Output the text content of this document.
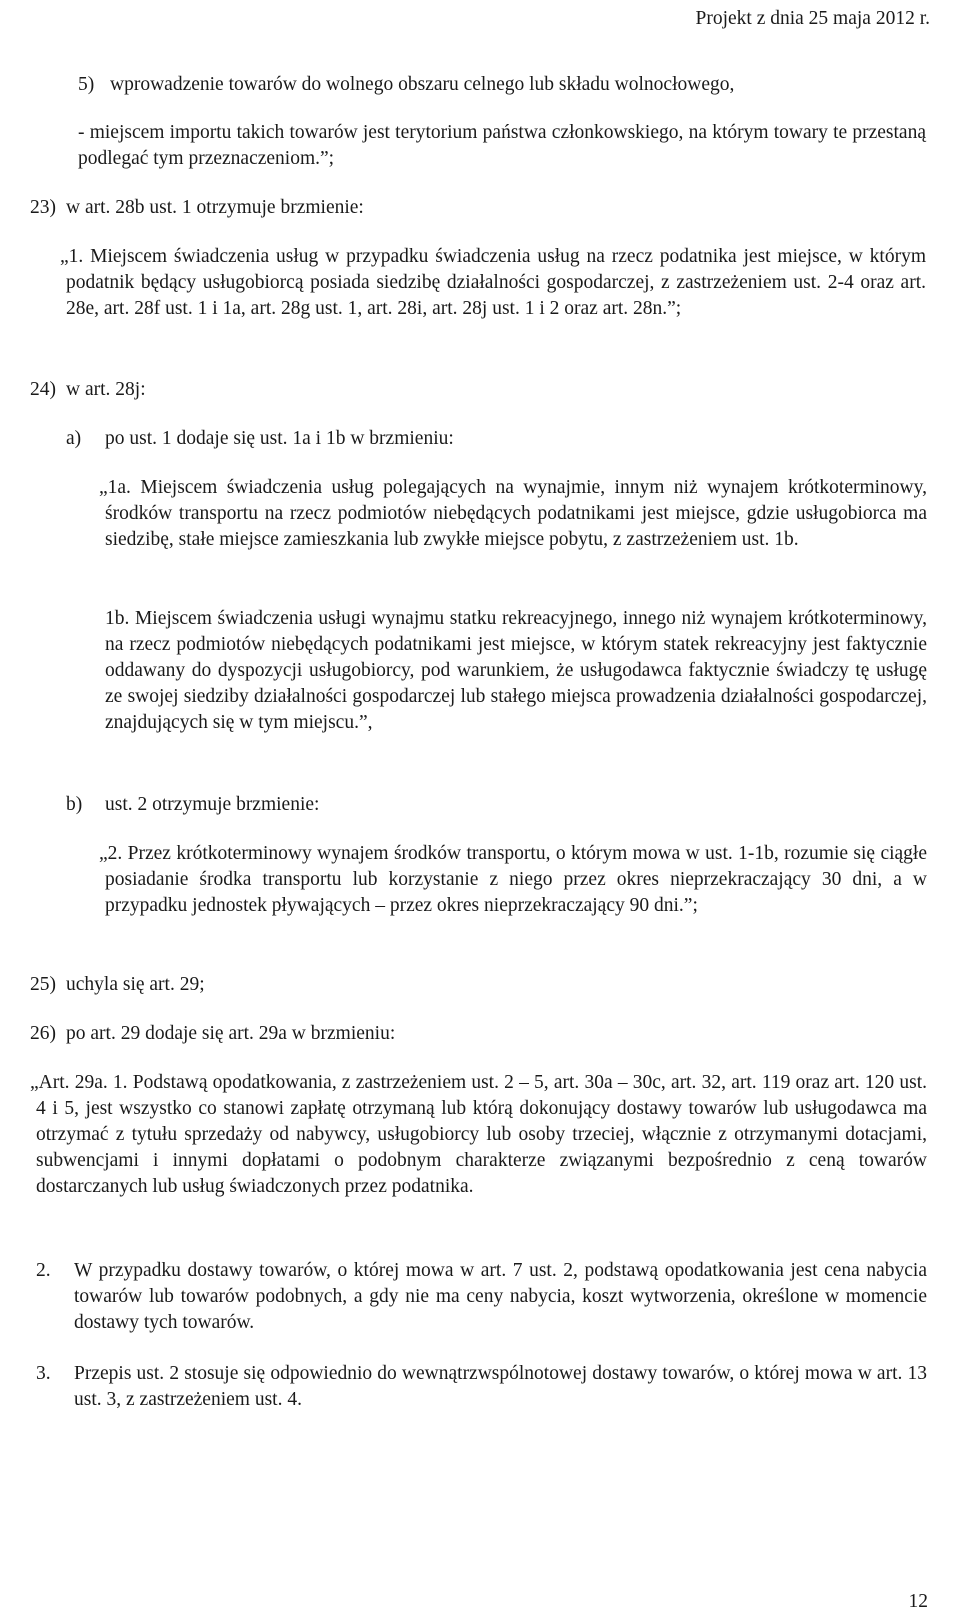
Projekt z dnia 25 maja 2012 r.
5) wprowadzenie towarów do wolnego obszaru celnego lub składu wolnocłowego,
- miejscem importu takich towarów jest terytorium państwa członkowskiego, na którym towary te przestaną podlegać tym przeznaczeniom.”;
23) w art. 28b ust. 1 otrzymuje brzmienie:
„1. Miejscem świadczenia usług w przypadku świadczenia usług na rzecz podatnika jest miejsce, w którym podatnik będący usługobiorcą posiada siedzibę działalności gospodarczej, z zastrzeżeniem ust. 2-4 oraz art. 28e, art. 28f ust. 1 i 1a, art. 28g ust. 1, art. 28i, art. 28j ust. 1 i 2 oraz art. 28n.”;
24) w art. 28j:
a) po ust. 1 dodaje się ust. 1a i 1b w brzmieniu:
„1a. Miejscem świadczenia usług polegających na wynajmie, innym niż wynajem krótkoterminowy, środków transportu na rzecz podmiotów niebędących podatnikami jest miejsce, gdzie usługobiorca ma siedzibę, stałe miejsce zamieszkania lub zwykłe miejsce pobytu, z zastrzeżeniem ust. 1b.
1b. Miejscem świadczenia usługi wynajmu statku rekreacyjnego, innego niż wynajem krótkoterminowy, na rzecz podmiotów niebędących podatnikami jest miejsce, w którym statek rekreacyjny jest faktycznie oddawany do dyspozycji usługobiorcy, pod warunkiem, że usługodawca faktycznie świadczy tę usługę ze swojej siedziby działalności gospodarczej lub stałego miejsca prowadzenia działalności gospodarczej, znajdujących się w tym miejscu.”,
b) ust. 2 otrzymuje brzmienie:
„2. Przez krótkoterminowy wynajem środków transportu, o którym mowa w ust. 1-1b, rozumie się ciągłe posiadanie środka transportu lub korzystanie z niego przez okres nieprzekraczający 30 dni, a w przypadku jednostek pływających – przez okres nieprzekraczający 90 dni.”;
25) uchyla się art. 29;
26) po art. 29 dodaje się art. 29a w brzmieniu:
„Art. 29a. 1. Podstawą opodatkowania, z zastrzeżeniem ust. 2 – 5, art. 30a – 30c, art. 32, art. 119 oraz art. 120 ust. 4 i 5, jest wszystko co stanowi zapłatę otrzymaną lub którą dokonujący dostawy towarów lub usługodawca ma otrzymać z tytułu sprzedaży od nabywcy, usługobiorcy lub osoby trzeciej, włącznie z otrzymanymi dotacjami, subwencjami i innymi dopłatami o podobnym charakterze związanymi bezpośrednio z ceną towarów dostarczanych lub usług świadczonych przez podatnika.
2. W przypadku dostawy towarów, o której mowa w art. 7 ust. 2, podstawą opodatkowania jest cena nabycia towarów lub towarów podobnych, a gdy nie ma ceny nabycia, koszt wytworzenia, określone w momencie dostawy tych towarów.
3. Przepis ust. 2 stosuje się odpowiednio do wewnątrzwspólnotowej dostawy towarów, o której mowa w art. 13 ust. 3, z zastrzeżeniem ust. 4.
12
